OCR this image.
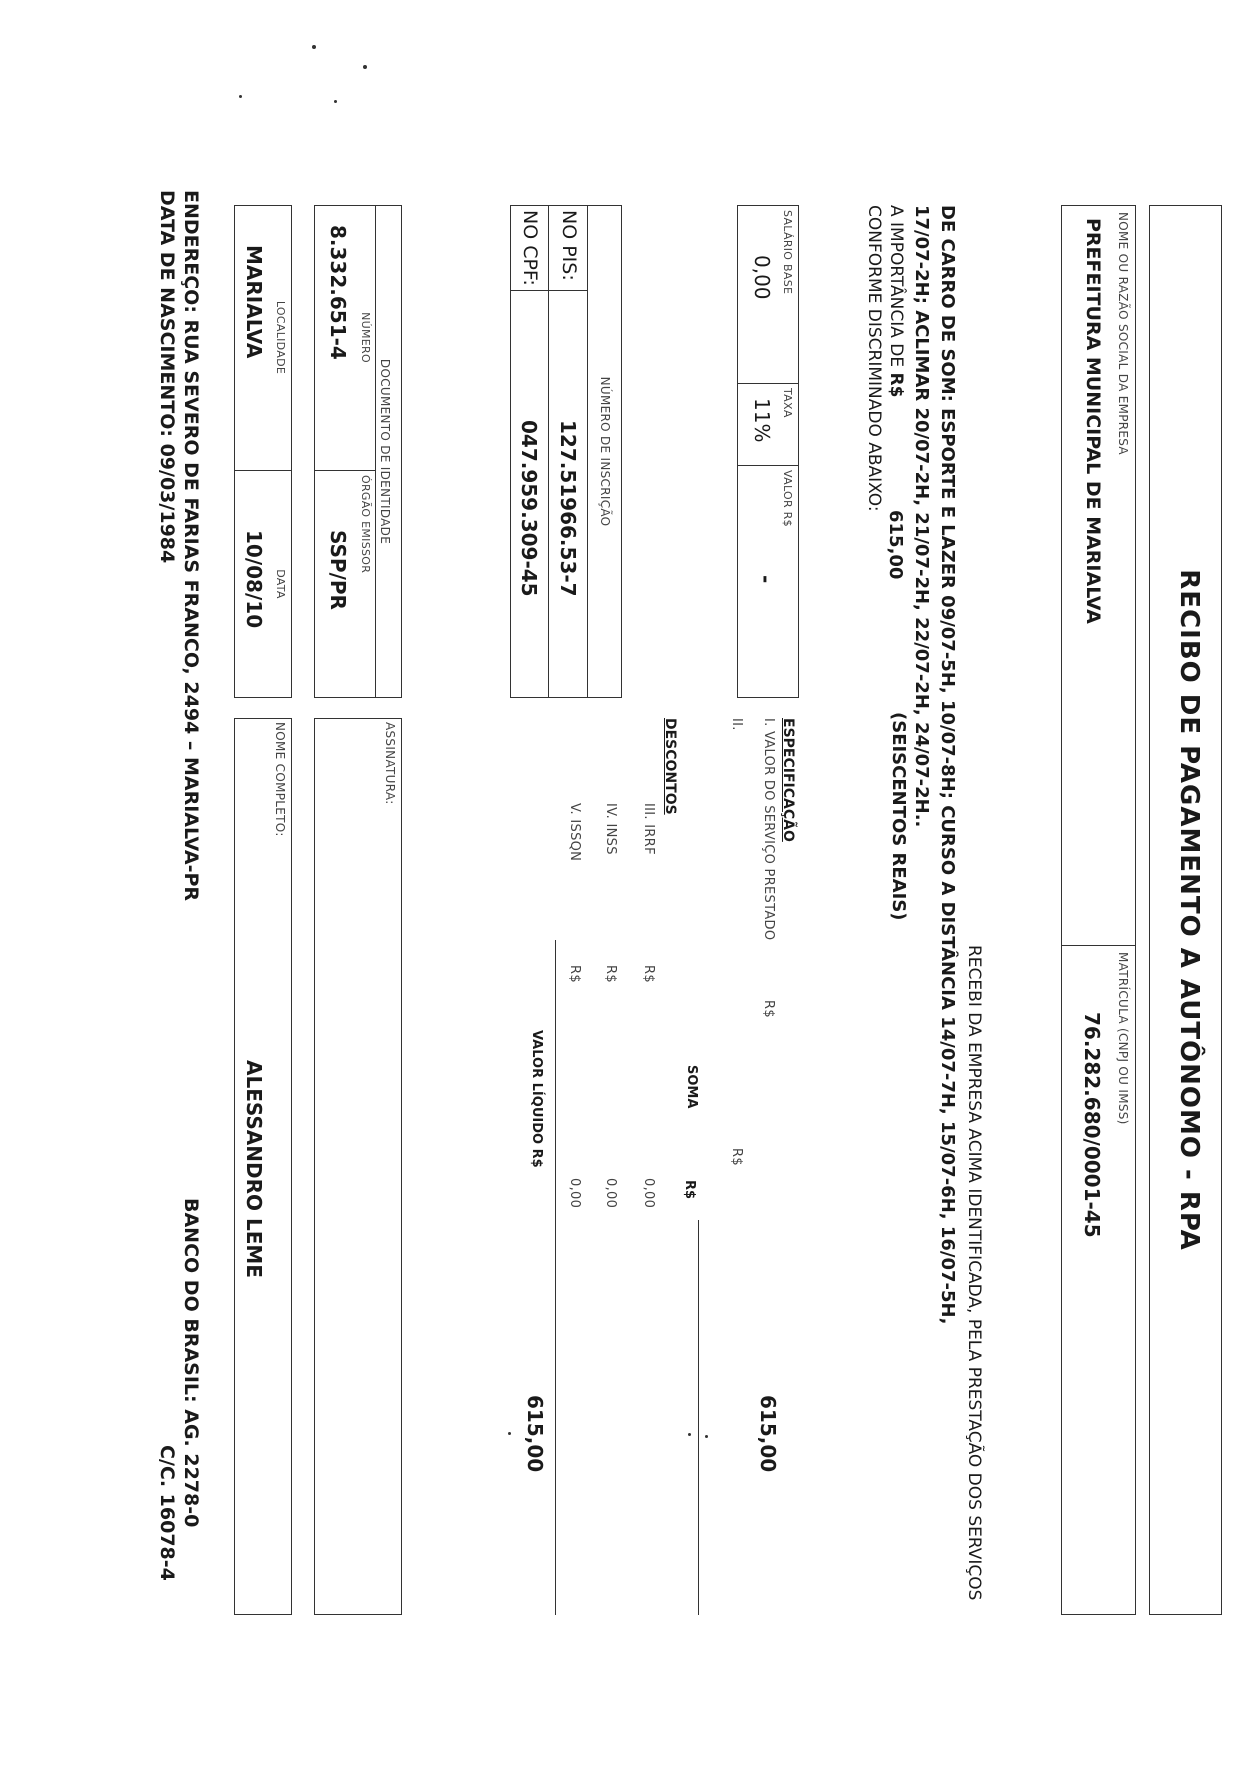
RECIBO DE PAGAMENTO A AUTÔNOMO - RPA
NOME OU RAZÃO SOCIAL DA EMPRESA
PREFEITURA MUNICIPAL DE MARIALVA
MATRÍCULA (CNPJ OU IMSS)
76.282.680/0001-45
RECEBI DA EMPRESA ACIMA IDENTIFICADA, PELA PRESTAÇÃO DOS SERVIÇOS
DE CARRO DE SOM: ESPORTE E LAZER 09/07-5H, 10/07-8H; CURSO A DISTÂNCIA 14/07-7H, 15/07-6H, 16/07-5H,
17/07-2H; ACLIMAR 20/07-2H, 21/07-2H, 22/07-2H, 24/07-2H..
A IMPORTÂNCIA DE R$
615,00
(SEISCENTOS REAIS)
CONFORME DISCRIMINADO ABAIXO:
SALÁRIO BASE
0,00
TAXA
11%
VALOR R$
-
NÚMERO DE INSCRIÇÃO
NO PIS:
127.51966.53-7
NO CPF:
047.959.309-45
DOCUMENTO DE IDENTIDADE
NÚMERO
8.332.651-4
ÓRGÃO EMISSOR
SSP/PR
LOCALIDADE
MARIALVA
DATA
10/08/10
ESPECIFICAÇÃO
I. VALOR DO SERVIÇO PRESTADO
R$
615,00
II.
R$
SOMA
R$
DESCONTOS
III. IRRF
R$
0,00
IV. INSS
R$
0,00
V. ISSQN
R$
0,00
VALOR LÍQUIDO R$
615,00
ASSINATURA:
NOME COMPLETO:
ALESSANDRO LEME
ENDEREÇO: RUA SEVERO DE FARIAS FRANCO, 2494 – MARIALVA-PR
BANCO DO BRASIL: AG. 2278-0
DATA DE NASCIMENTO: 09/03/1984
C/C. 16078-4
